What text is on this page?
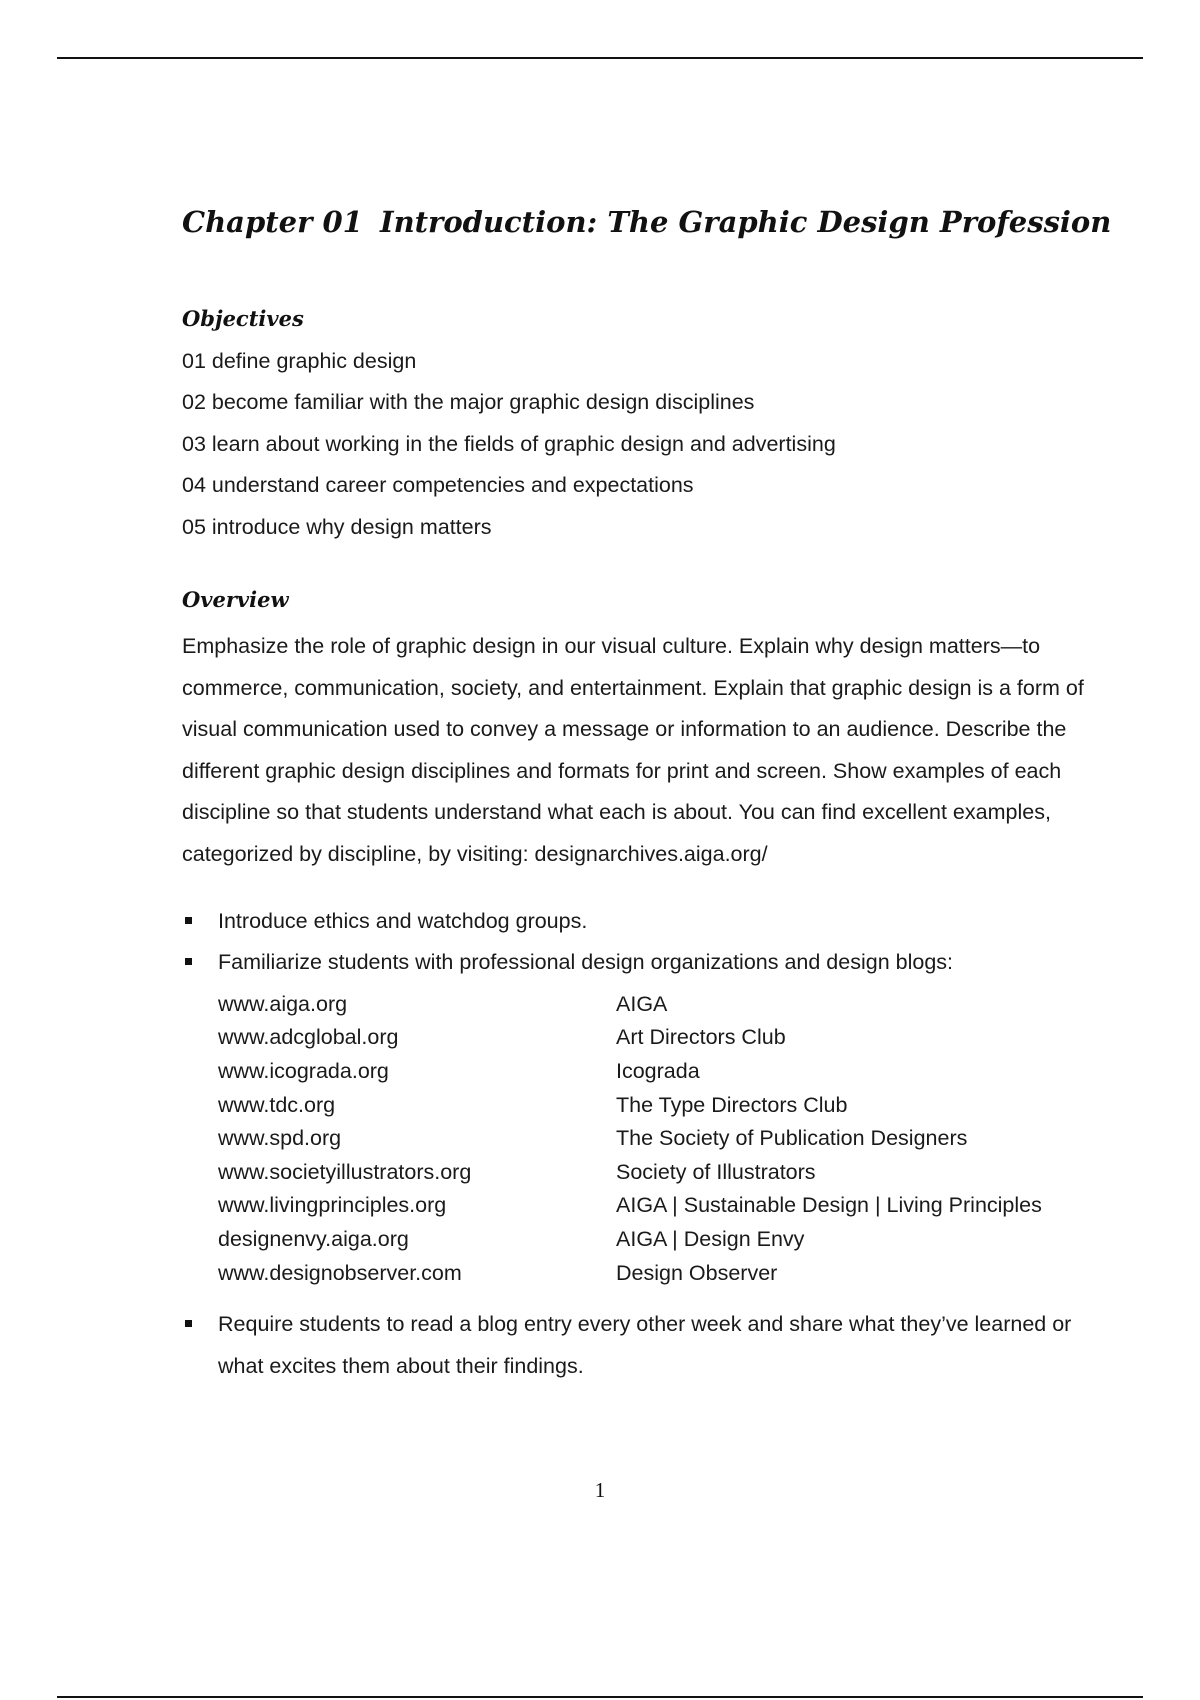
Chapter 01 Introduction: The Graphic Design Profession
Objectives
01 define graphic design
02 become familiar with the major graphic design disciplines
03 learn about working in the fields of graphic design and advertising
04 understand career competencies and expectations
05 introduce why design matters
Overview

Emphasize the role of graphic design in our visual culture. Explain why design matters—to commerce, communication, society, and entertainment. Explain that graphic design is a form of visual communication used to convey a message or information to an audience. Describe the different graphic design disciplines and formats for print and screen. Show examples of each discipline so that students understand what each is about. You can find excellent examples, categorized by discipline, by visiting: designarchives.aiga.org/

Introduce ethics and watchdog groups.
Familiarize students with professional design organizations and design blogs:
www.aiga.org	AIGA
www.adcglobal.org	Art Directors Club
www.icograda.org	Icograda
www.tdc.org	The Type Directors Club
www.spd.org	The Society of Publication Designers
www.societyillustrators.org	Society of Illustrators
www.livingprinciples.org	AIGA | Sustainable Design | Living Principles
designenvy.aiga.org	AIGA | Design Envy
www.designobserver.com	Design Observer
Require students to read a blog entry every other week and share what they’ve learned or what excites them about their findings.
1
